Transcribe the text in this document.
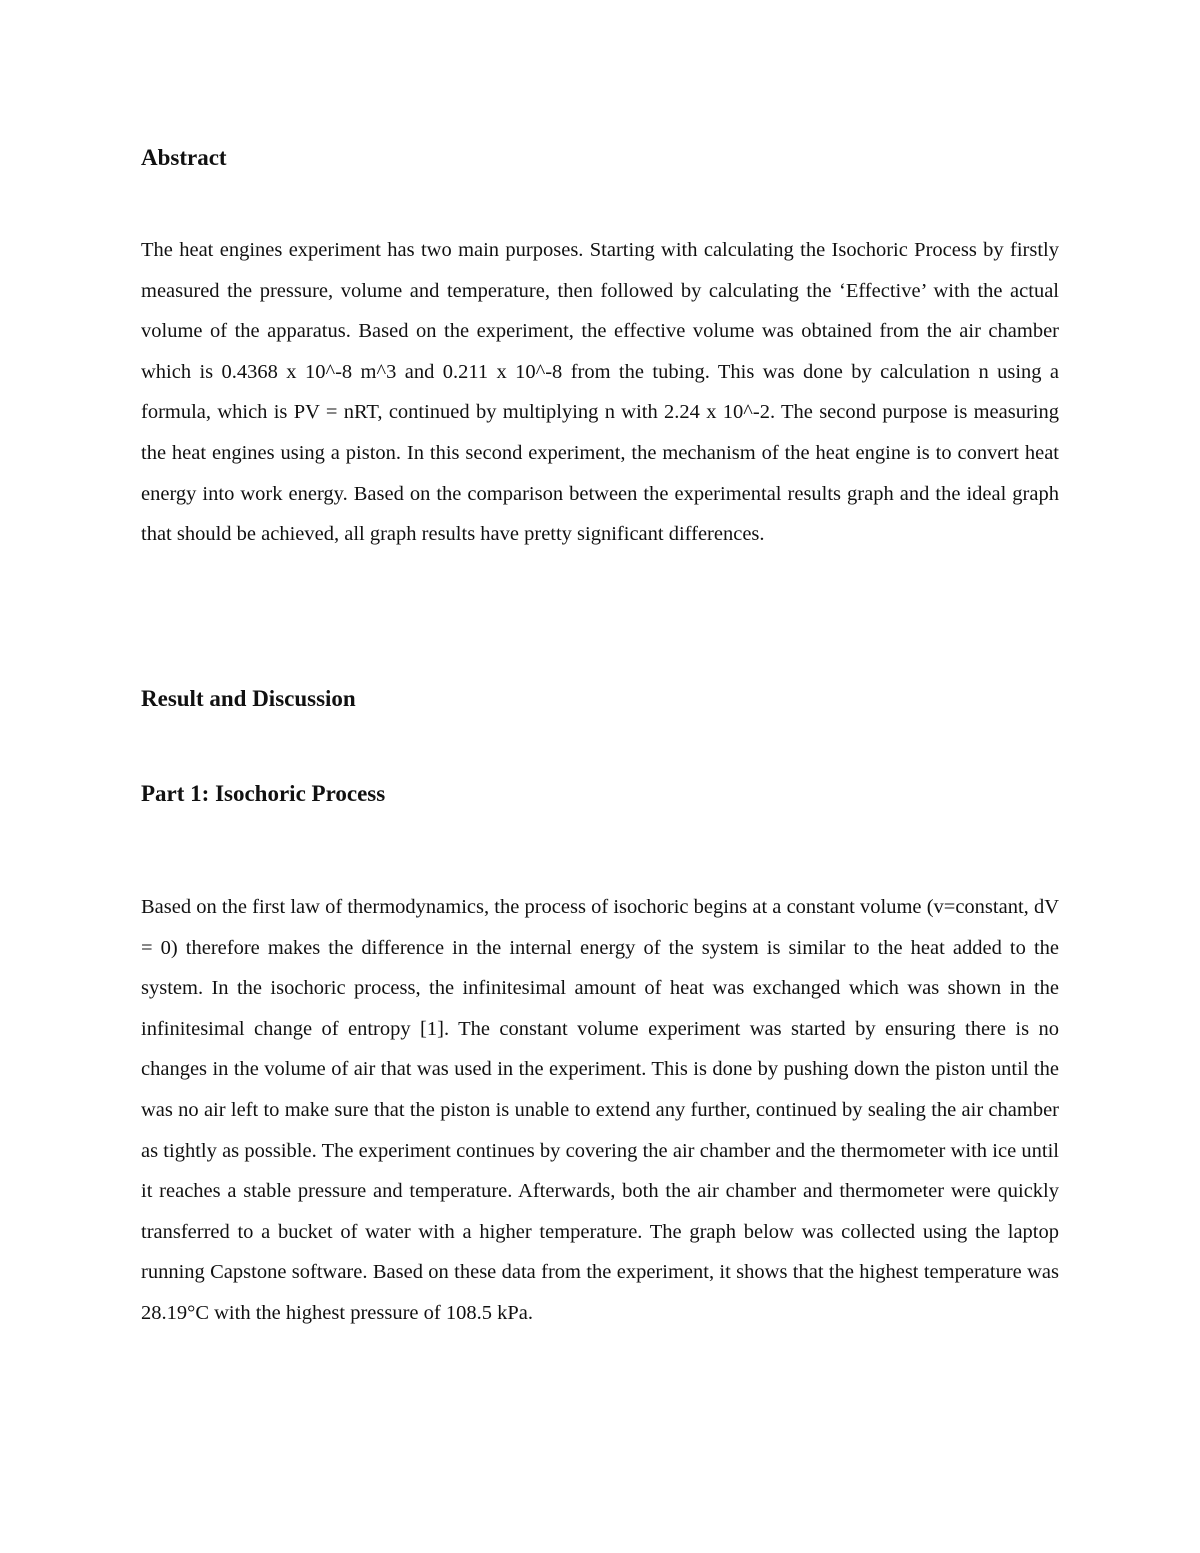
Abstract

The heat engines experiment has two main purposes. Starting with calculating the Isochoric Process by firstly measured the pressure, volume and temperature, then followed by calculating the ‘Effective’ with the actual volume of the apparatus. Based on the experiment, the effective volume was obtained from the air chamber which is 0.4368 x 10^-8 m^3 and 0.211 x 10^-8 from the tubing. This was done by calculation n using a formula, which is PV = nRT, continued by multiplying n with 2.24 x 10^-2. The second purpose is measuring the heat engines using a piston. In this second experiment, the mechanism of the heat engine is to convert heat energy into work energy. Based on the comparison between the experimental results graph and the ideal graph that should be achieved, all graph results have pretty significant differences.

Result and Discussion
Part 1: Isochoric Process

Based on the first law of thermodynamics, the process of isochoric begins at a constant volume (v=constant, dV = 0) therefore makes the difference in the internal energy of the system is similar to the heat added to the system. In the isochoric process, the infinitesimal amount of heat was exchanged which was shown in the infinitesimal change of entropy [1]. The constant volume experiment was started by ensuring there is no changes in the volume of air that was used in the experiment. This is done by pushing down the piston until the was no air left to make sure that the piston is unable to extend any further, continued by sealing the air chamber as tightly as possible. The experiment continues by covering the air chamber and the thermometer with ice until it reaches a stable pressure and temperature. Afterwards, both the air chamber and thermometer were quickly transferred to a bucket of water with a higher temperature. The graph below was collected using the laptop running Capstone software. Based on these data from the experiment, it shows that the highest temperature was 28.19°C with the highest pressure of 108.5 kPa.
